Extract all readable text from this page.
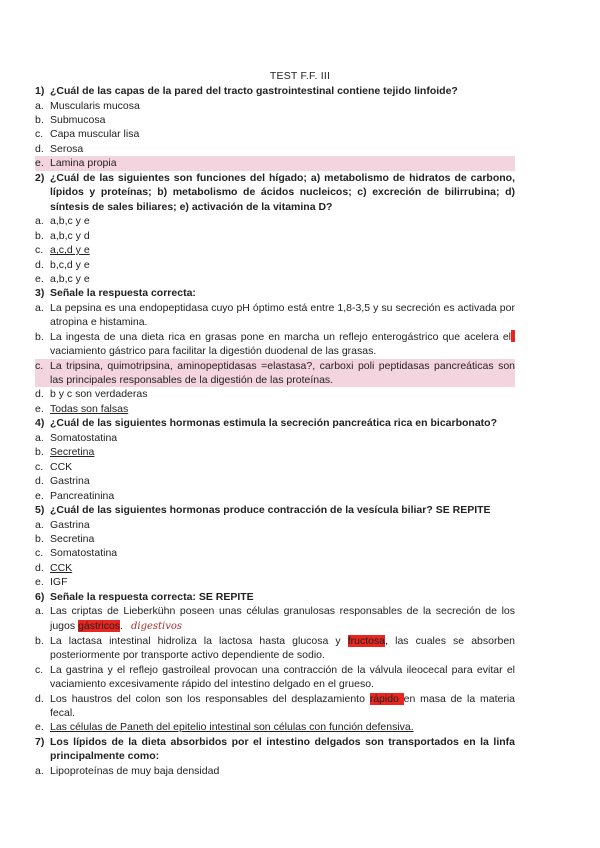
TEST F.F. III
1) ¿Cuál de las capas de la pared del tracto gastrointestinal contiene tejido linfoide?
a. Muscularis mucosa
b. Submucosa
c. Capa muscular lisa
d. Serosa
e. Lamina propia
2) ¿Cuál de las siguientes son funciones del hígado; a) metabolismo de hidratos de carbono, lípidos y proteínas; b) metabolismo de ácidos nucleicos; c) excreción de bilirrubina; d) síntesis de sales biliares; e) activación de la vitamina D?
a. a,b,c y e
b. a,b,c y d
c. a,c,d y e
d. b,c,d y e
e. a,b,c y e
3) Señale la respuesta correcta:
a. La pepsina es una endopeptidasa cuyo pH óptimo está entre 1,8-3,5 y su secreción es activada por atropina e histamina.
b. La ingesta de una dieta rica en grasas pone en marcha un reflejo enterogástrico que acelera el vaciamiento gástrico para facilitar la digestión duodenal de las grasas.
c. La tripsina, quimotripsina, aminopeptidasas =elastasa?, carboxi poli peptidasas pancreáticas son las principales responsables de la digestión de las proteínas.
d. b y c son verdaderas
e. Todas son falsas
4) ¿Cuál de las siguientes hormonas estimula la secreción pancreática rica en bicarbonato?
a. Somatostatina
b. Secretina
c. CCK
d. Gastrina
e. Pancreatinina
5) ¿Cuál de las siguientes hormonas produce contracción de la vesícula biliar? SE REPITE
a. Gastrina
b. Secretina
c. Somatostatina
d. CCK
e. IGF
6) Señale la respuesta correcta: SE REPITE
a. Las criptas de Lieberkühn poseen unas células granulosas responsables de la secreción de los jugos gástricos. digestivos
b. La lactasa intestinal hidroliza la lactosa hasta glucosa y fructosa, las cuales se absorben posteriormente por transporte activo dependiente de sodio.
c. La gastrina y el reflejo gastroileal provocan una contracción de la válvula ileocecal para evitar el vaciamiento excesivamente rápido del intestino delgado en el grueso.
d. Los haustros del colon son los responsables del desplazamiento rápido en masa de la materia fecal.
e. Las células de Paneth del epitelio intestinal son células con función defensiva.
7) Los lípidos de la dieta absorbidos por el intestino delgados son transportados en la linfa principalmente como:
a. Lipoproteínas de muy baja densidad
